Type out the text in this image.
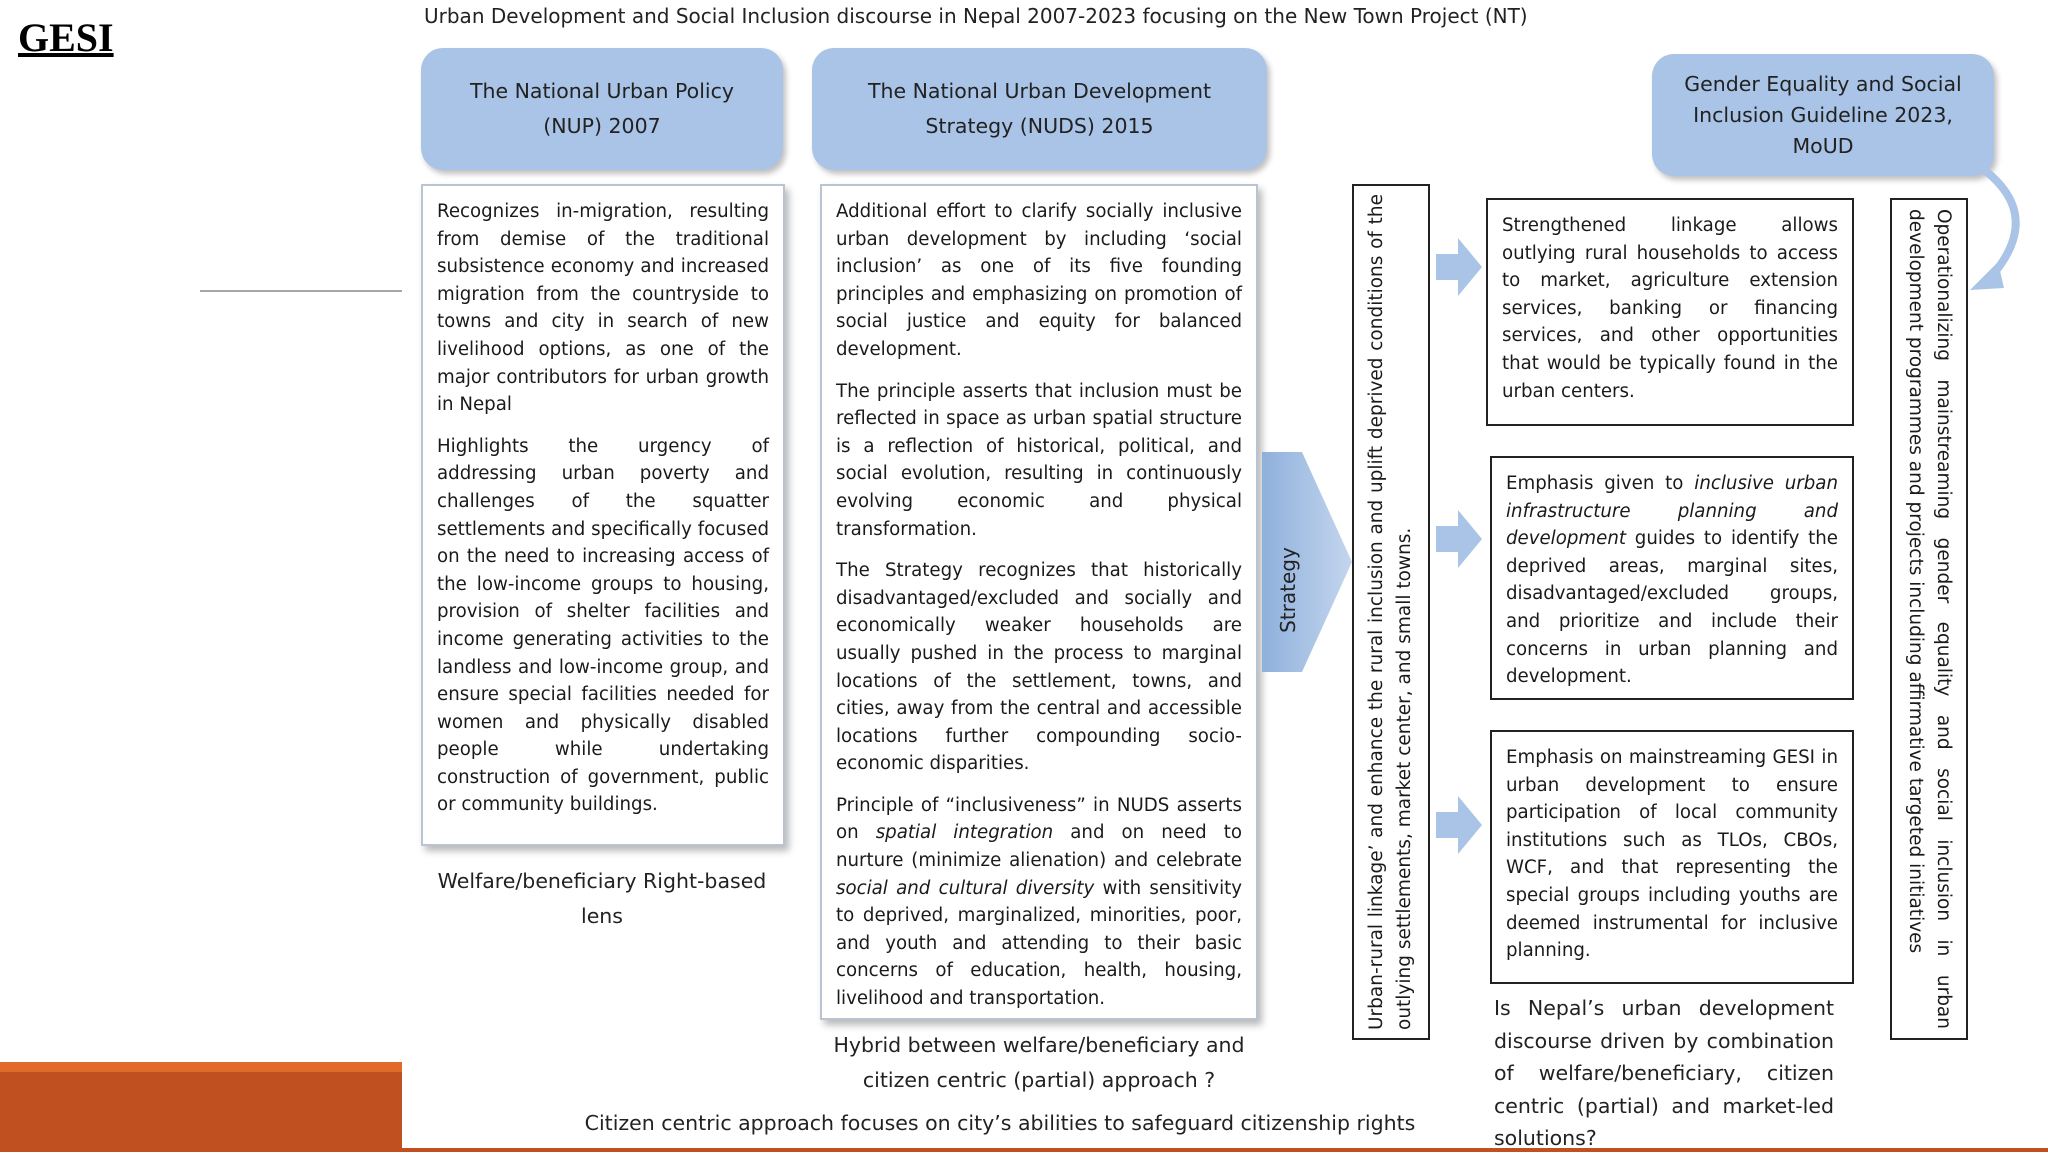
GESI	Urban Development and Social Inclusion discourse in Nepal 2007-2023 focusing on the New Town Project (NT)
The National Urban Policy (NUP) 2007
The National Urban Development Strategy (NUDS) 2015
Gender Equality and Social Inclusion Guideline 2023, MoUD

Recognizes in-migration, resulting from demise of the traditional subsistence economy and increased migration from the countryside to towns and city in search of new livelihood options, as one of the major contributors for urban growth in Nepal

Highlights the urgency of addressing urban poverty and challenges of the squatter settlements and specifically focused on the need to increasing access of the low-income groups to housing, provision of shelter facilities and income generating activities to the landless and low-income group, and ensure special facilities needed for women and physically disabled people while undertaking construction of government, public or community buildings.

Additional effort to clarify socially inclusive urban development by including ‘social inclusion’ as one of its five founding principles and emphasizing on promotion of social justice and equity for balanced development.

The principle asserts that inclusion must be reflected in space as urban spatial structure is a reflection of historical, political, and social evolution, resulting in continuously evolving economic and physical transformation.

The Strategy recognizes that historically disadvantaged/excluded and socially and economically weaker households are usually pushed in the process to marginal locations of the settlement, towns, and cities, away from the central and accessible locations further compounding socio-economic disparities.

Principle of “inclusiveness” in NUDS asserts on spatial integration and on need to nurture (minimize alienation) and celebrate social and cultural diversity with sensitivity to deprived, marginalized, minorities, poor, and youth and attending to their basic concerns of education, health, housing, livelihood and transportation.

Strategy	Urban-rural linkage’ and enhance the rural inclusion and uplift deprived conditions of the outlying settlements, market center, and small towns.
Strengthened linkage allows outlying rural households to access to market, agriculture extension services, banking or financing services, and other opportunities that would be typically found in the urban centers.
Emphasis given to inclusive urban infrastructure planning and development guides to identify the deprived areas, marginal sites, disadvantaged/excluded groups, and prioritize and include their concerns in urban planning and development.
Emphasis on mainstreaming GESI in urban development to ensure participation of local community institutions such as TLOs, CBOs, WCF, and that representing the special groups including youths are deemed instrumental for inclusive planning.	Operationalizing mainstreaming gender equality and social inclusion in urban development programmes and projects including affirmative targeted initiatives
Welfare/beneficiary Right-based lens
Hybrid between welfare/beneficiary and citizen centric (partial) approach ?
Citizen centric approach focuses on city’s abilities to safeguard citizenship rights
Is Nepal’s urban development discourse driven by combination of welfare/beneficiary, citizen centric (partial) and market-led solutions?
